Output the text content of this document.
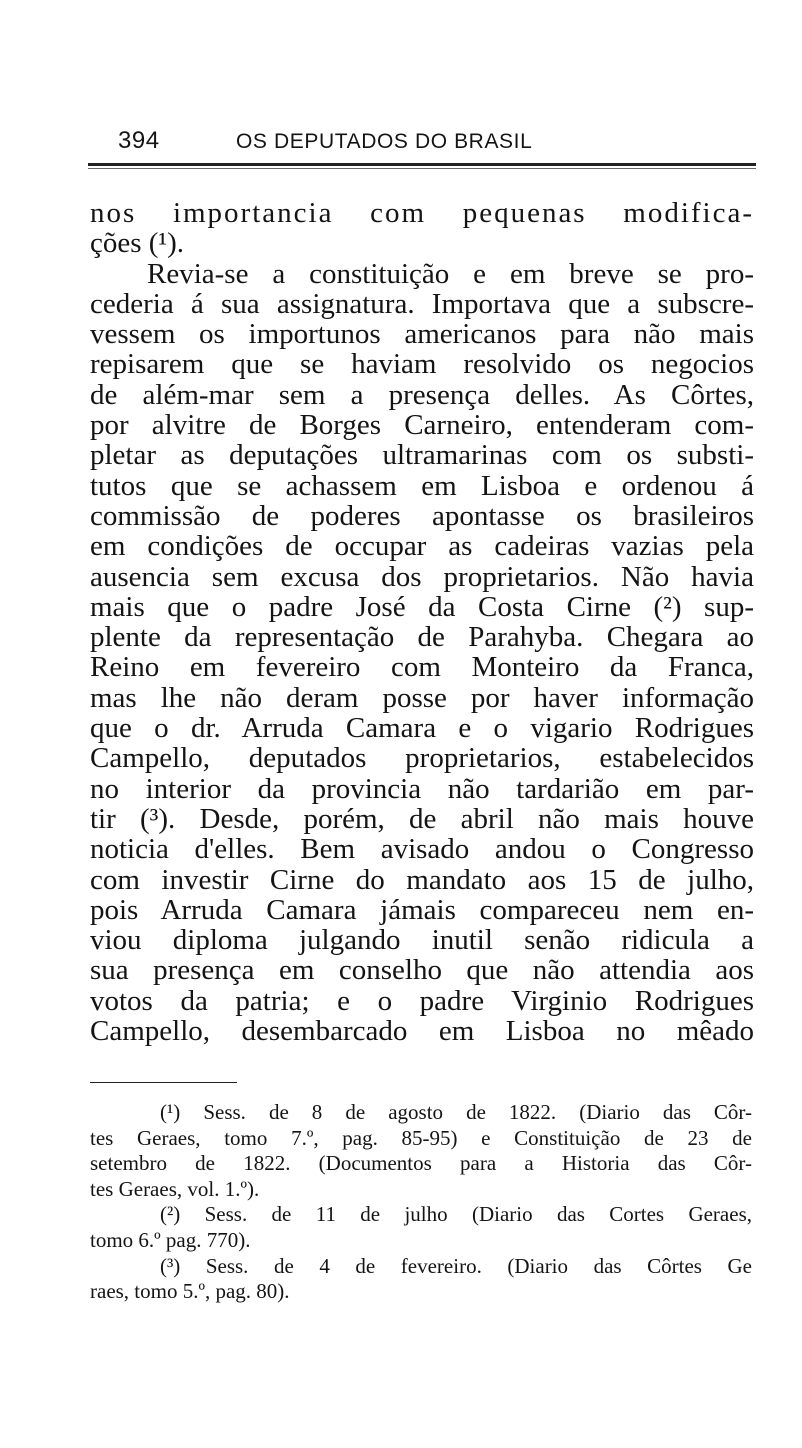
394	OS DEPUTADOS DO BRASIL
nos importancia com pequenas modifica-
ções (¹).
Revia-se a constituição e em breve se pro-
cederia á sua assignatura. Importava que a subscre-
vessem os importunos americanos para não mais
repisarem que se haviam resolvido os negocios
de além-mar sem a presença delles. As Côrtes,
por alvitre de Borges Carneiro, entenderam com-
pletar as deputações ultramarinas com os substi-
tutos que se achassem em Lisboa e ordenou á
commissão de poderes apontasse os brasileiros
em condições de occupar as cadeiras vazias pela
ausencia sem excusa dos proprietarios. Não havia
mais que o padre José da Costa Cirne (²) sup-
plente da representação de Parahyba. Chegara ao
Reino em fevereiro com Monteiro da Franca,
mas lhe não deram posse por haver informação
que o dr. Arruda Camara e o vigario Rodrigues
Campello, deputados proprietarios, estabelecidos
no interior da provincia não tardarião em par-
tir (³). Desde, porém, de abril não mais houve
noticia d'elles. Bem avisado andou o Congresso
com investir Cirne do mandato aos 15 de julho,
pois Arruda Camara jámais compareceu nem en-
viou diploma julgando inutil senão ridicula a
sua presença em conselho que não attendia aos
votos da patria; e o padre Virginio Rodrigues
Campello, desembarcado em Lisboa no mêado
(¹) Sess. de 8 de agosto de 1822. (Diario das Côr-
tes Geraes, tomo 7.º, pag. 85-95) e Constituição de 23 de
setembro de 1822. (Documentos para a Historia das Côr-
tes Geraes, vol. 1.º).
(²) Sess. de 11 de julho (Diario das Cortes Geraes,
tomo 6.º pag. 770).
(³) Sess. de 4 de fevereiro. (Diario das Côrtes Ge
raes, tomo 5.º, pag. 80).
